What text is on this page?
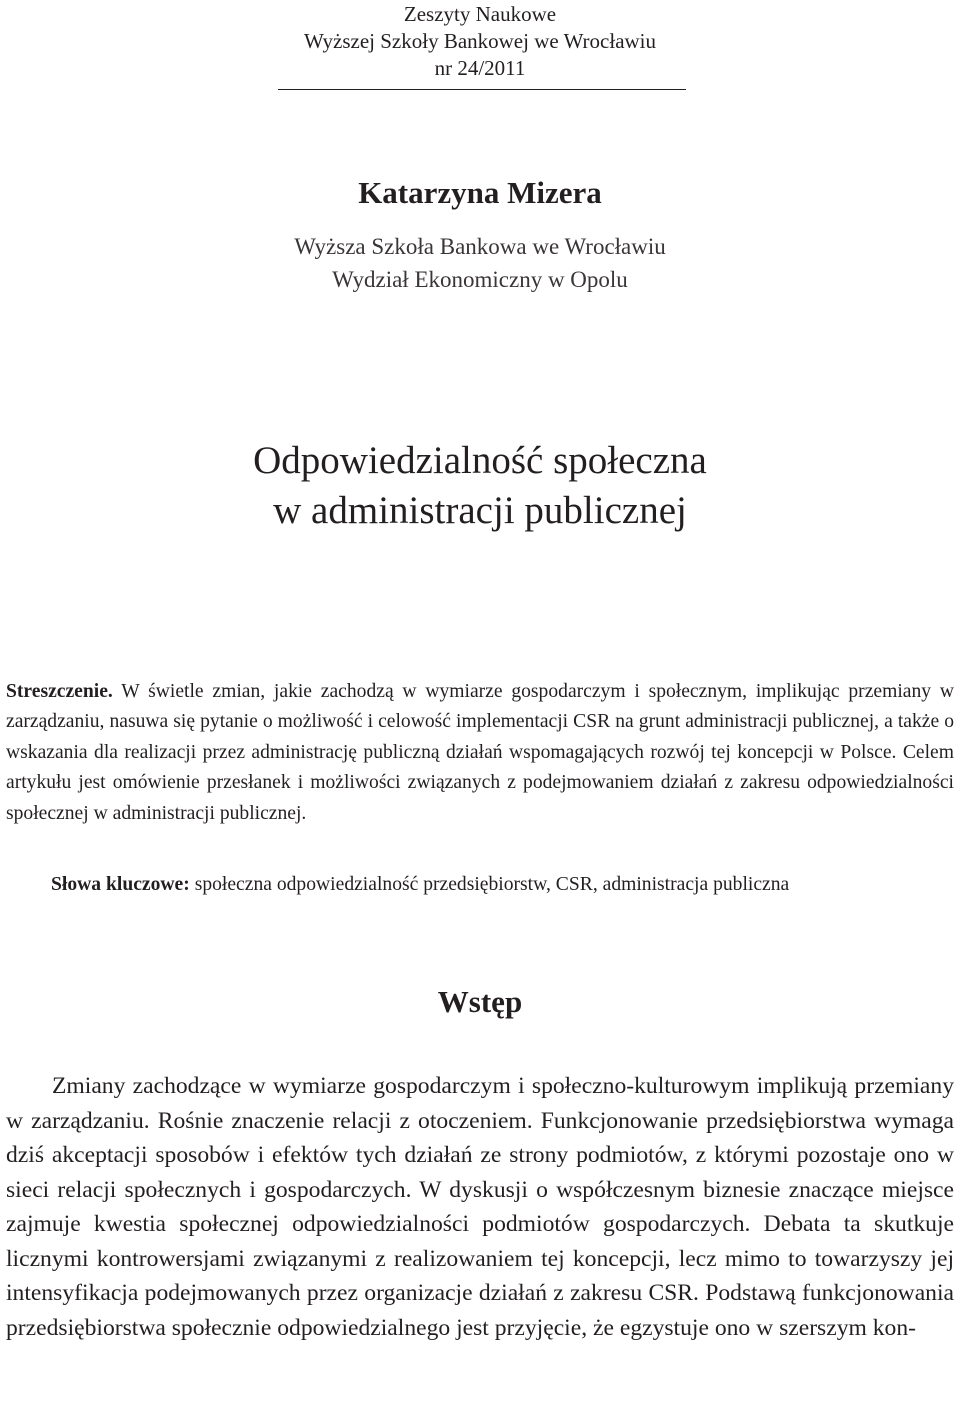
Zeszyty Naukowe
Wyższej Szkoły Bankowej we Wrocławiu
nr 24/2011
Katarzyna Mizera
Wyższa Szkoła Bankowa we Wrocławiu
Wydział Ekonomiczny w Opolu
Odpowiedzialność społeczna
w administracji publicznej

Streszczenie. W świetle zmian, jakie zachodzą w wymiarze gospodarczym i społecznym, implikując przemiany w zarządzaniu, nasuwa się pytanie o możliwość i celowość implementacji CSR na grunt administracji publicznej, a także o wskazania dla realizacji przez administrację publiczną działań wspomagających rozwój tej koncepcji w Polsce. Celem artykułu jest omówienie przesłanek i możliwości związanych z podejmowaniem działań z zakresu odpowiedzialności społecznej w administracji publicznej.

Słowa kluczowe: społeczna odpowiedzialność przedsiębiorstw, CSR, administracja publiczna

Wstęp

Zmiany zachodzące w wymiarze gospodarczym i społeczno-kulturowym implikują przemiany w zarządzaniu. Rośnie znaczenie relacji z otoczeniem. Funkcjonowanie przedsiębiorstwa wymaga dziś akceptacji sposobów i efektów tych działań ze strony podmiotów, z którymi pozostaje ono w sieci relacji społecznych i gospodarczych. W dyskusji o współczesnym biznesie znaczące miejsce zajmuje kwestia społecznej odpowiedzialności podmiotów gospodarczych. Debata ta skutkuje licznymi kontrowersjami związanymi z realizowaniem tej koncepcji, lecz mimo to towarzyszy jej intensyfikacja podejmowanych przez organizacje działań z zakresu CSR. Podstawą funkcjonowania przedsiębiorstwa społecznie odpowiedzialnego jest przyjęcie, że egzystuje ono w szerszym kon-
